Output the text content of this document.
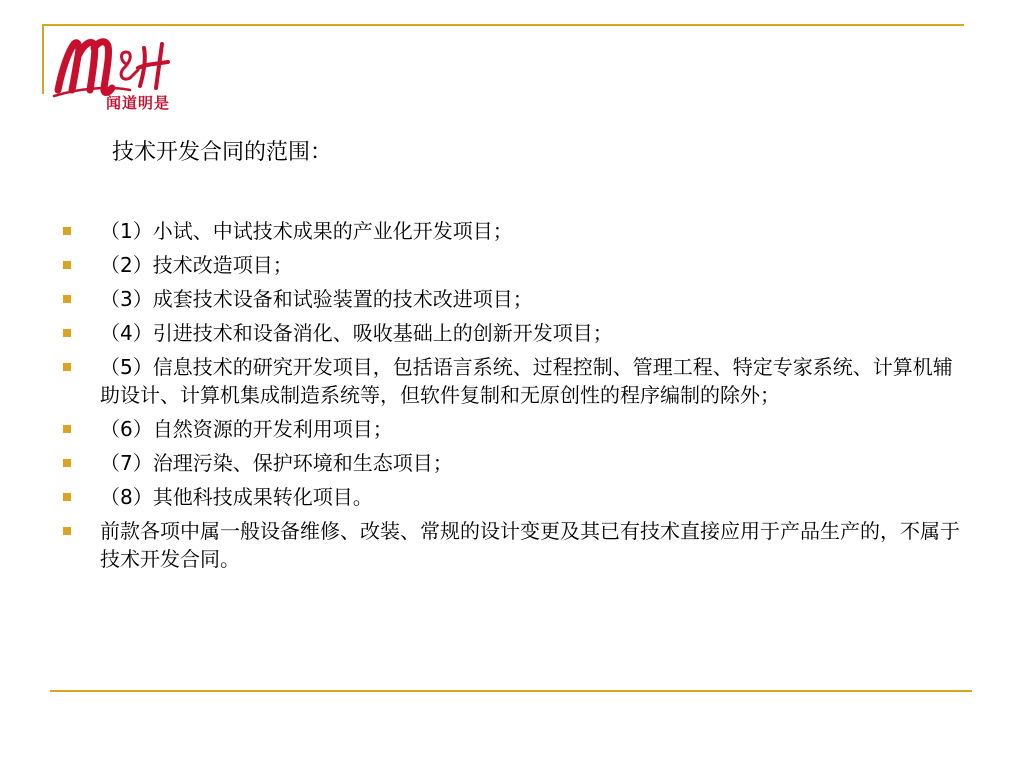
闻道明是
技术开发合同的范围：
（1）小试、中试技术成果的产业化开发项目；
（2）技术改造项目；
（3）成套技术设备和试验装置的技术改进项目；
（4）引进技术和设备消化、吸收基础上的创新开发项目；
（5）信息技术的研究开发项目，包括语言系统、过程控制、管理工程、特定专家系统、计算机辅助设计、计算机集成制造系统等，但软件复制和无原创性的程序编制的除外；
（6）自然资源的开发利用项目；
（7）治理污染、保护环境和生态项目；
（8）其他科技成果转化项目。
前款各项中属一般设备维修、改装、常规的设计变更及其已有技术直接应用于产品生产的，不属于技术开发合同。
